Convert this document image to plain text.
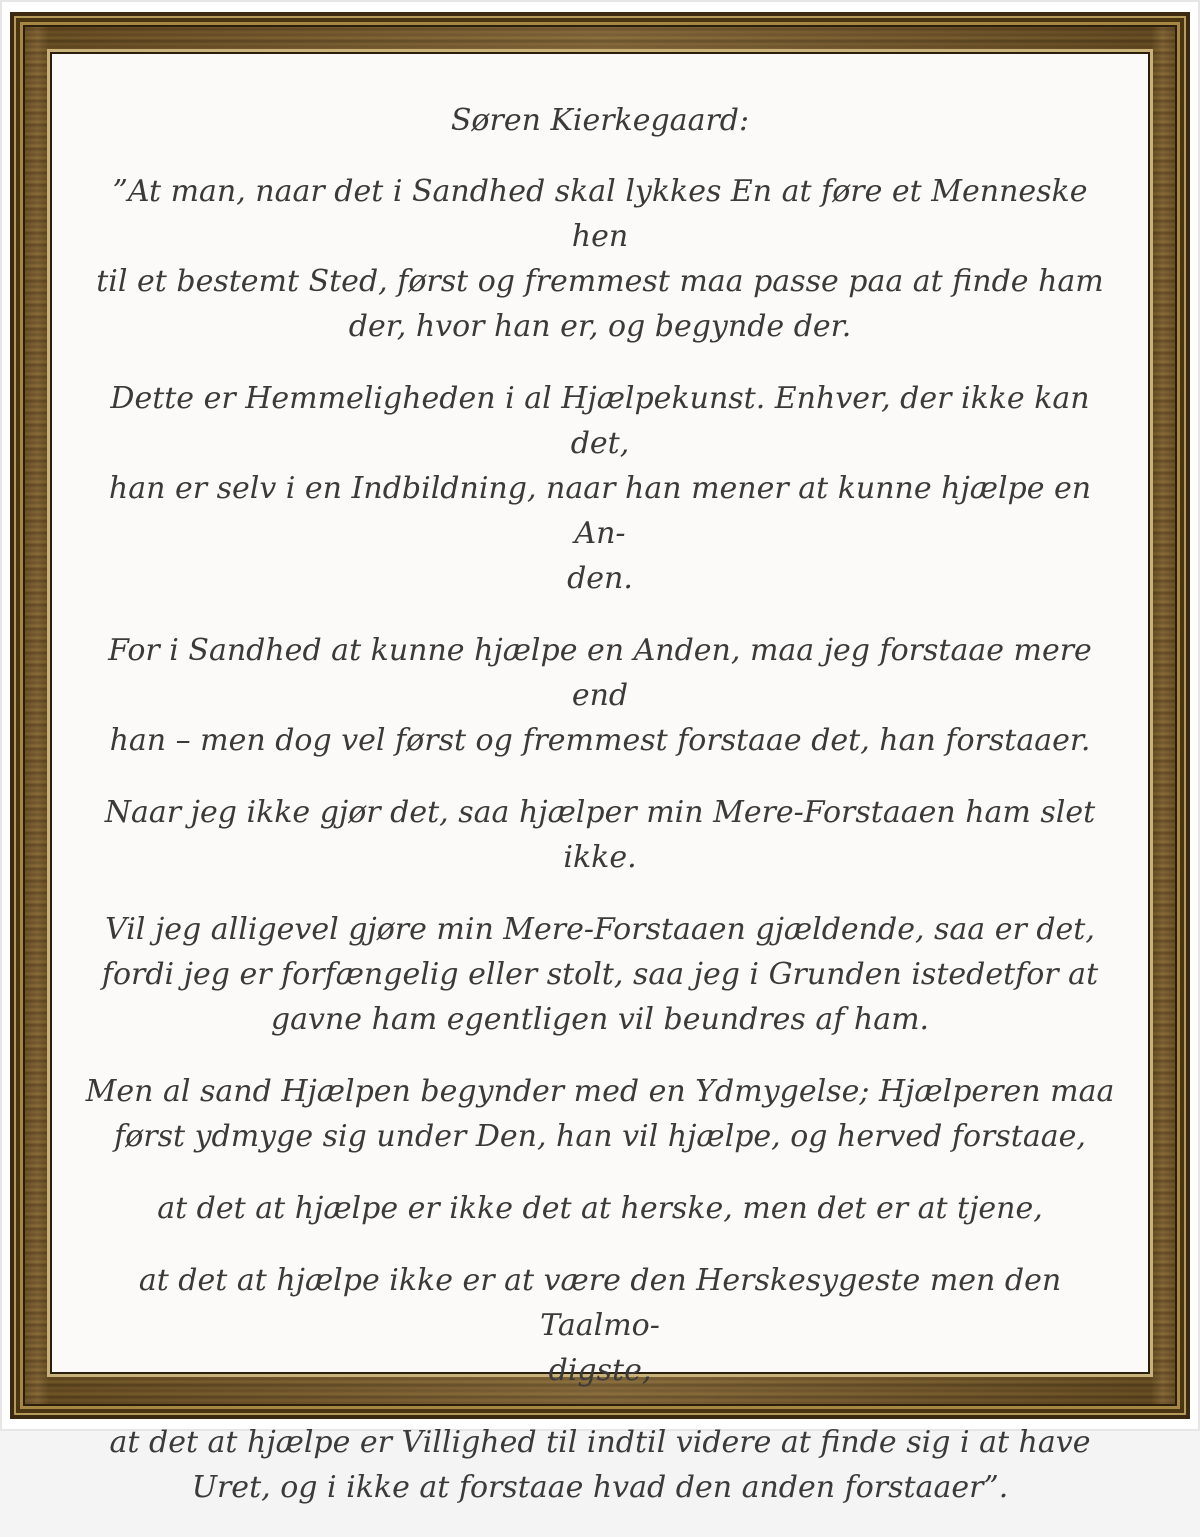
Søren Kierkegaard:

”At man, naar det i Sandhed skal lykkes En at føre et Menneske hen
til et bestemt Sted, først og fremmest maa passe paa at finde ham
der, hvor han er, og begynde der.

Dette er Hemmeligheden i al Hjælpekunst. Enhver, der ikke kan det,
han er selv i en Indbildning, naar han mener at kunne hjælpe en An-
den.

For i Sandhed at kunne hjælpe en Anden, maa jeg forstaae mere end
han – men dog vel først og fremmest forstaae det, han forstaaer.

Naar jeg ikke gjør det, saa hjælper min Mere-Forstaaen ham slet
ikke.

Vil jeg alligevel gjøre min Mere-Forstaaen gjældende, saa er det,
fordi jeg er forfængelig eller stolt, saa jeg i Grunden istedetfor at
gavne ham egentligen vil beundres af ham.

Men al sand Hjælpen begynder med en Ydmygelse; Hjælperen maa
først ydmyge sig under Den, han vil hjælpe, og herved forstaae,

at det at hjælpe er ikke det at herske, men det er at tjene,

at det at hjælpe ikke er at være den Herskesygeste men den Taalmo-
digste,

at det at hjælpe er Villighed til indtil videre at finde sig i at have
Uret, og i ikke at forstaae hvad den anden forstaaer”.
